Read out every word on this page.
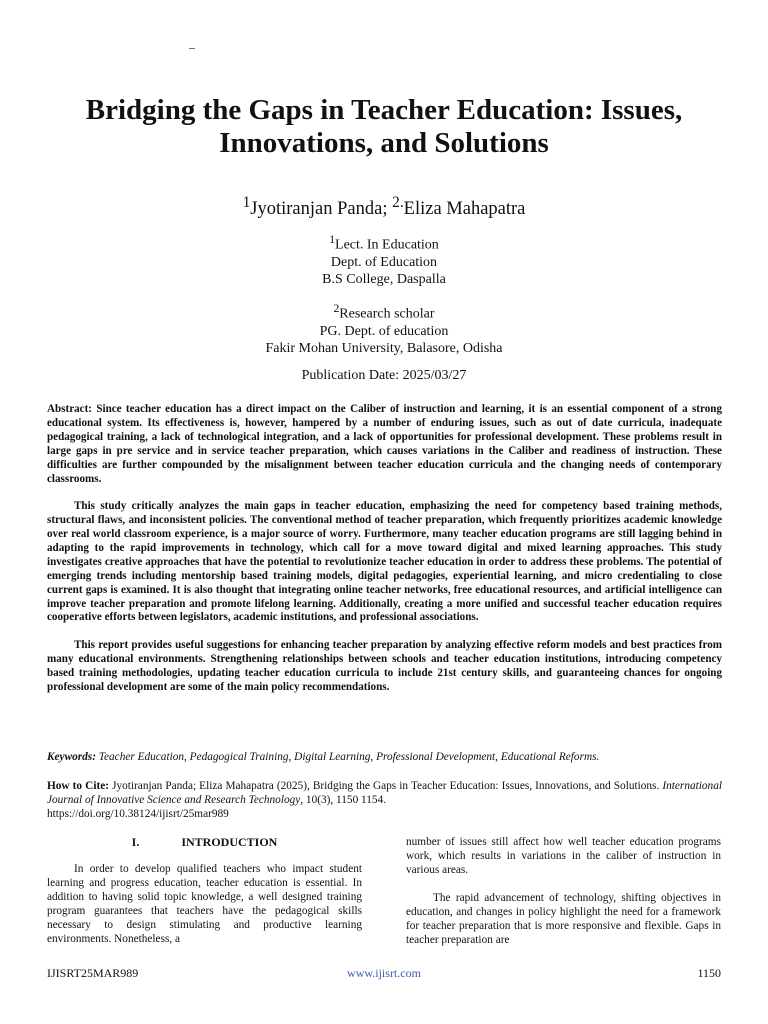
–
Bridging the Gaps in Teacher Education: Issues, Innovations, and Solutions
$^1$Jyotiranjan Panda; $^{2.}$Eliza Mahapatra
$^1$Lect. In Education
Dept. of Education
B.S College, Daspalla
$^2$Research scholar
PG. Dept. of education
Fakir Mohan University, Balasore, Odisha
Publication Date: 2025/03/27

Abstract: Since teacher education has a direct impact on the Caliber of instruction and learning, it is an essential component of a strong educational system. Its effectiveness is, however, hampered by a number of enduring issues, such as out of date curricula, inadequate pedagogical training, a lack of technological integration, and a lack of opportunities for professional development. These problems result in large gaps in pre service and in service teacher preparation, which causes variations in the Caliber and readiness of instruction. These difficulties are further compounded by the misalignment between teacher education curricula and the changing needs of contemporary classrooms.

This study critically analyzes the main gaps in teacher education, emphasizing the need for competency based training methods, structural flaws, and inconsistent policies. The conventional method of teacher preparation, which frequently prioritizes academic knowledge over real world classroom experience, is a major source of worry. Furthermore, many teacher education programs are still lagging behind in adapting to the rapid improvements in technology, which call for a move toward digital and mixed learning approaches. This study investigates creative approaches that have the potential to revolutionize teacher education in order to address these problems. The potential of emerging trends including mentorship based training models, digital pedagogies, experiential learning, and micro credentialing to close current gaps is examined. It is also thought that integrating online teacher networks, free educational resources, and artificial intelligence can improve teacher preparation and promote lifelong learning. Additionally, creating a more unified and successful teacher education requires cooperative efforts between legislators, academic institutions, and professional associations.

This report provides useful suggestions for enhancing teacher preparation by analyzing effective reform models and best practices from many educational environments. Strengthening relationships between schools and teacher education institutions, introducing competency based training methodologies, updating teacher education curricula to include 21st century skills, and guaranteeing chances for ongoing professional development are some of the main policy recommendations.

Keywords: Teacher Education, Pedagogical Training, Digital Learning, Professional Development, Educational Reforms.
How to Cite: Jyotiranjan Panda; Eliza Mahapatra (2025), Bridging the Gaps in Teacher Education: Issues, Innovations, and Solutions. International Journal of Innovative Science and Research Technology, 10(3), 1150 1154.
https://doi.org/10.38124/ijisrt/25mar989

I.	INTRODUCTION

In order to develop qualified teachers who impact student learning and progress education, teacher education is essential. In addition to having solid topic knowledge, a well designed training program guarantees that teachers have the pedagogical skills necessary to design stimulating and productive learning environments. Nonetheless, a

number of issues still affect how well teacher education programs work, which results in variations in the caliber of instruction in various areas.

The rapid advancement of technology, shifting objectives in education, and changes in policy highlight the need for a framework for teacher preparation that is more responsive and flexible. Gaps in teacher preparation are

IJISRT25MAR989	www.ijisrt.com	1150
